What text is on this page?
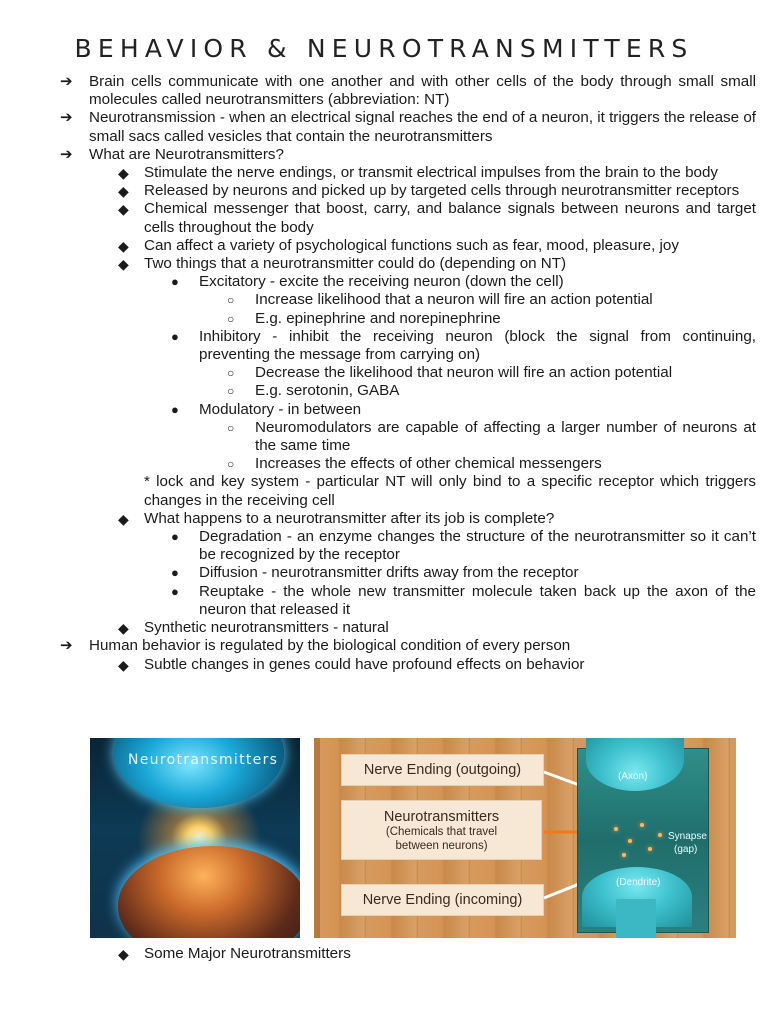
BEHAVIOR & NEUROTRANSMITTERS
➔ Brain cells communicate with one another and with other cells of the body through small small molecules called neurotransmitters (abbreviation: NT)
➔ Neurotransmission - when an electrical signal reaches the end of a neuron, it triggers the release of small sacs called vesicles that contain the neurotransmitters
➔ What are Neurotransmitters?
◆ Stimulate the nerve endings, or transmit electrical impulses from the brain to the body
◆ Released by neurons and picked up by targeted cells through neurotransmitter receptors
◆ Chemical messenger that boost, carry, and balance signals between neurons and target cells throughout the body
◆ Can affect a variety of psychological functions such as fear, mood, pleasure, joy
◆ Two things that a neurotransmitter could do (depending on NT)
● Excitatory - excite the receiving neuron (down the cell)
○ Increase likelihood that a neuron will fire an action potential
○ E.g. epinephrine and norepinephrine
● Inhibitory - inhibit the receiving neuron (block the signal from continuing, preventing the message from carrying on)
○ Decrease the likelihood that neuron will fire an action potential
○ E.g. serotonin, GABA
● Modulatory - in between
○ Neuromodulators are capable of affecting a larger number of neurons at the same time
○ Increases the effects of other chemical messengers
* lock and key system - particular NT will only bind to a specific receptor which triggers changes in the receiving cell
◆ What happens to a neurotransmitter after its job is complete?
● Degradation - an enzyme changes the structure of the neurotransmitter so it can’t be recognized by the receptor
● Diffusion - neurotransmitter drifts away from the receptor
● Reuptake - the whole new transmitter molecule taken back up the axon of the neuron that released it
◆ Synthetic neurotransmitters - natural
➔ Human behavior is regulated by the biological condition of every person
◆ Subtle changes in genes could have profound effects on behavior
Neurotransmitters
Nerve Ending (outgoing)
Neurotransmitters
(Chemicals that travel
between neurons)
Nerve Ending (incoming)
(Axon)
Synapse
(gap)
(Dendrite)
◆ Some Major Neurotransmitters
